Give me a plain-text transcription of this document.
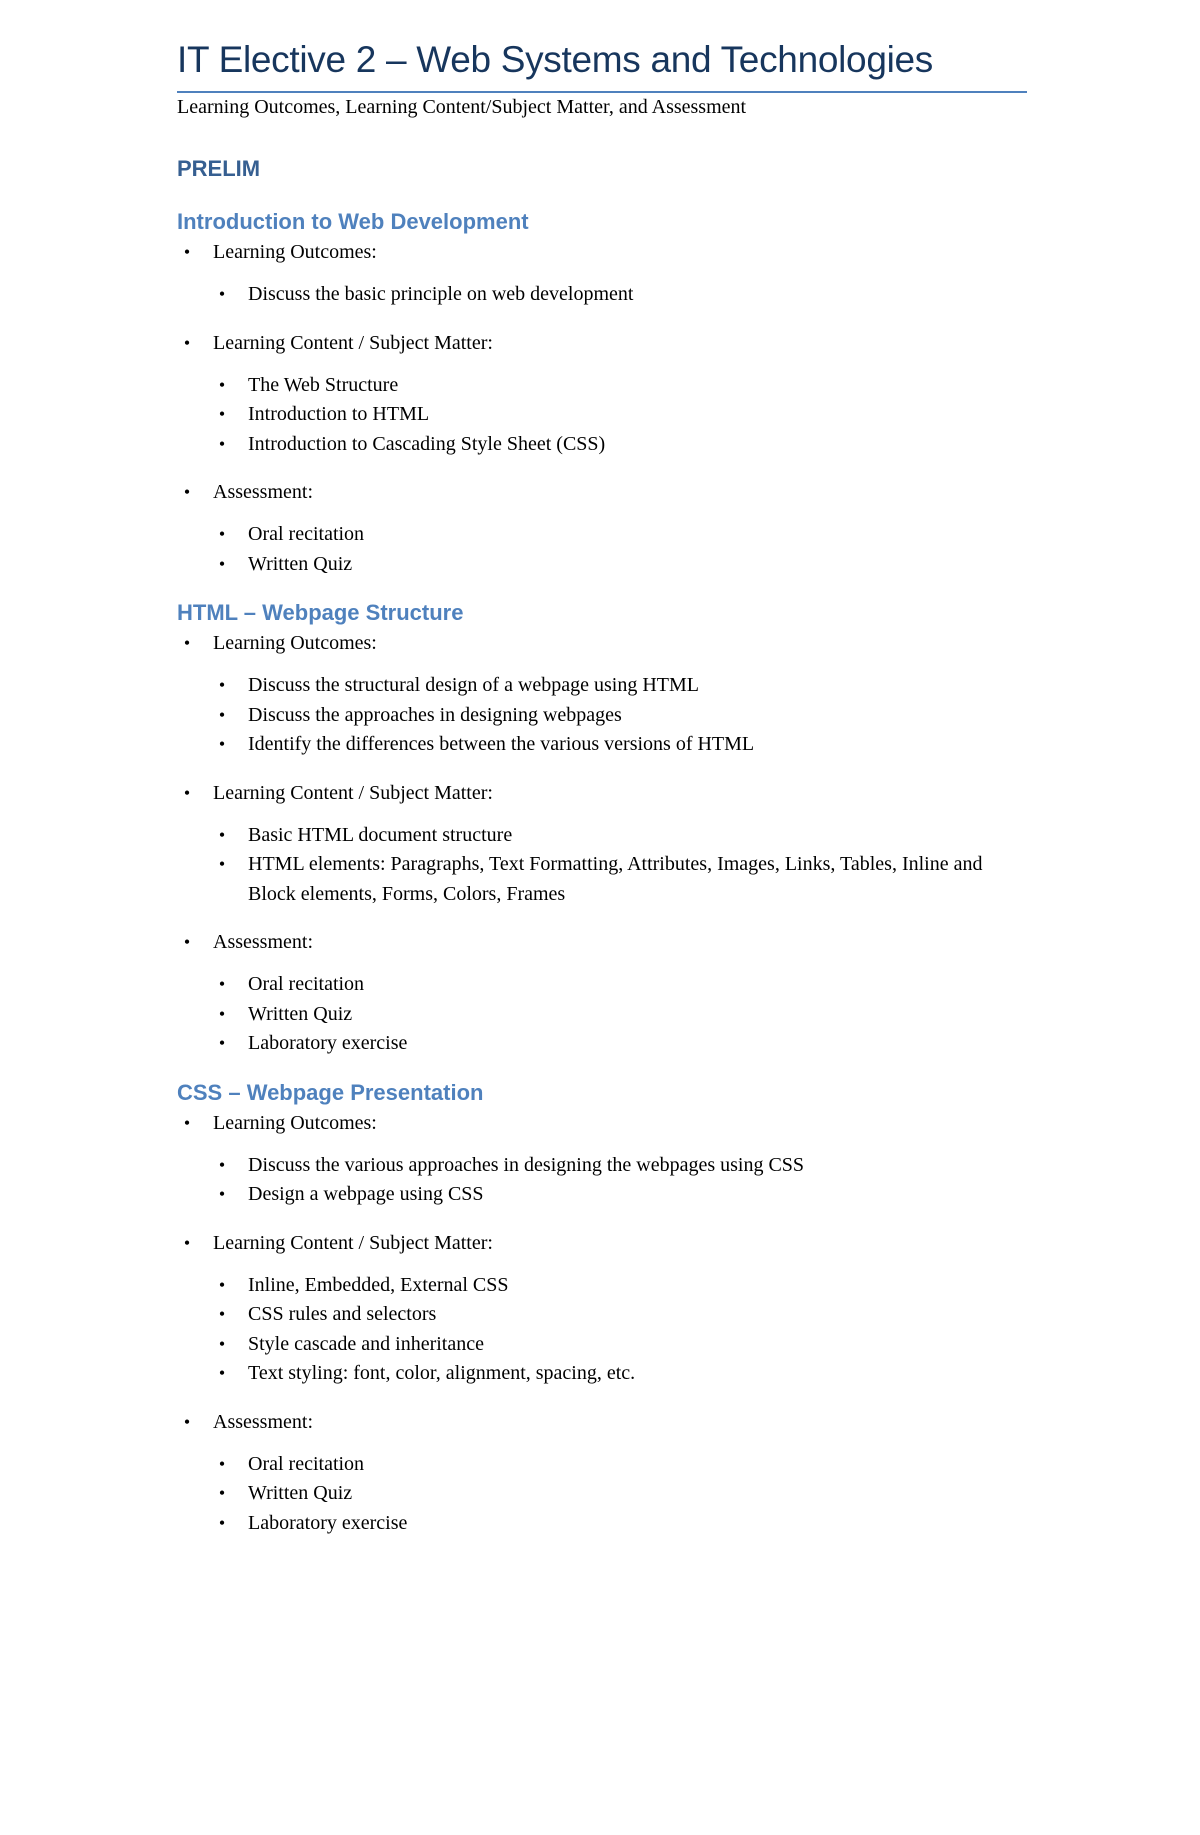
IT Elective 2 – Web Systems and Technologies
Learning Outcomes, Learning Content/Subject Matter, and Assessment
PRELIM
Introduction to Web Development
•	Learning Outcomes:
•	Discuss the basic principle on web development
•	Learning Content / Subject Matter:
•	The Web Structure
•	Introduction to HTML
•	Introduction to Cascading Style Sheet (CSS)
•	Assessment:
•	Oral recitation
•	Written Quiz
HTML – Webpage Structure
•	Learning Outcomes:
•	Discuss the structural design of a webpage using HTML
•	Discuss the approaches in designing webpages
•	Identify the differences between the various versions of HTML
•	Learning Content / Subject Matter:
•	Basic HTML document structure
•	HTML elements: Paragraphs, Text Formatting, Attributes, Images, Links, Tables, Inline and Block elements, Forms, Colors, Frames
•	Assessment:
•	Oral recitation
•	Written Quiz
•	Laboratory exercise
CSS – Webpage Presentation
•	Learning Outcomes:
•	Discuss the various approaches in designing the webpages using CSS
•	Design a webpage using CSS
•	Learning Content / Subject Matter:
•	Inline, Embedded, External CSS
•	CSS rules and selectors
•	Style cascade and inheritance
•	Text styling: font, color, alignment, spacing, etc.
•	Assessment:
•	Oral recitation
•	Written Quiz
•	Laboratory exercise
